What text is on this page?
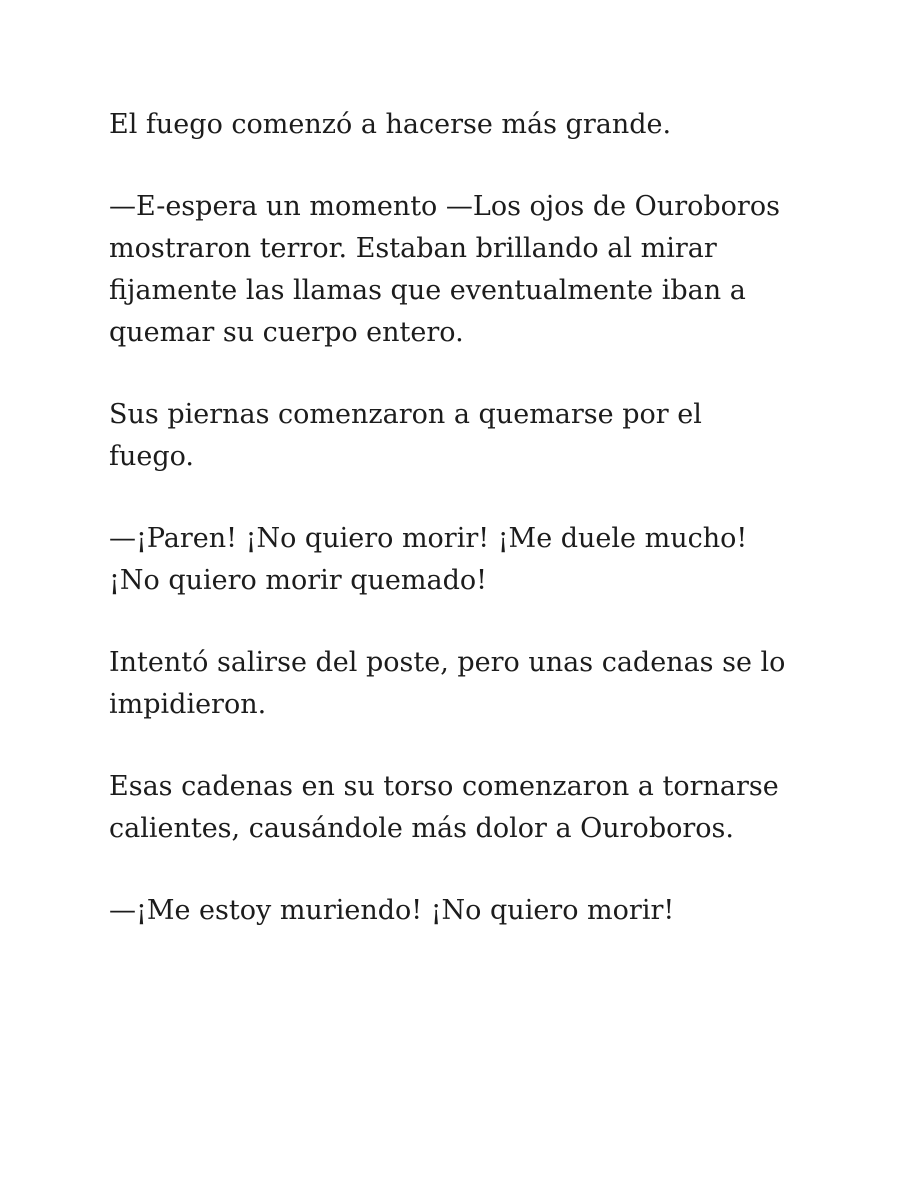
El fuego comenzó a hacerse más grande.

—E-espera un momento —Los ojos de Ouroboros mostraron terror. Estaban brillando al mirar fijamente las llamas que eventualmente iban a quemar su cuerpo entero.

Sus piernas comenzaron a quemarse por el fuego.

—¡Paren! ¡No quiero morir! ¡Me duele mucho! ¡No quiero morir quemado!

Intentó salirse del poste, pero unas cadenas se lo impidieron.

Esas cadenas en su torso comenzaron a tornarse calientes, causándole más dolor a Ouroboros.

—¡Me estoy muriendo! ¡No quiero morir!
